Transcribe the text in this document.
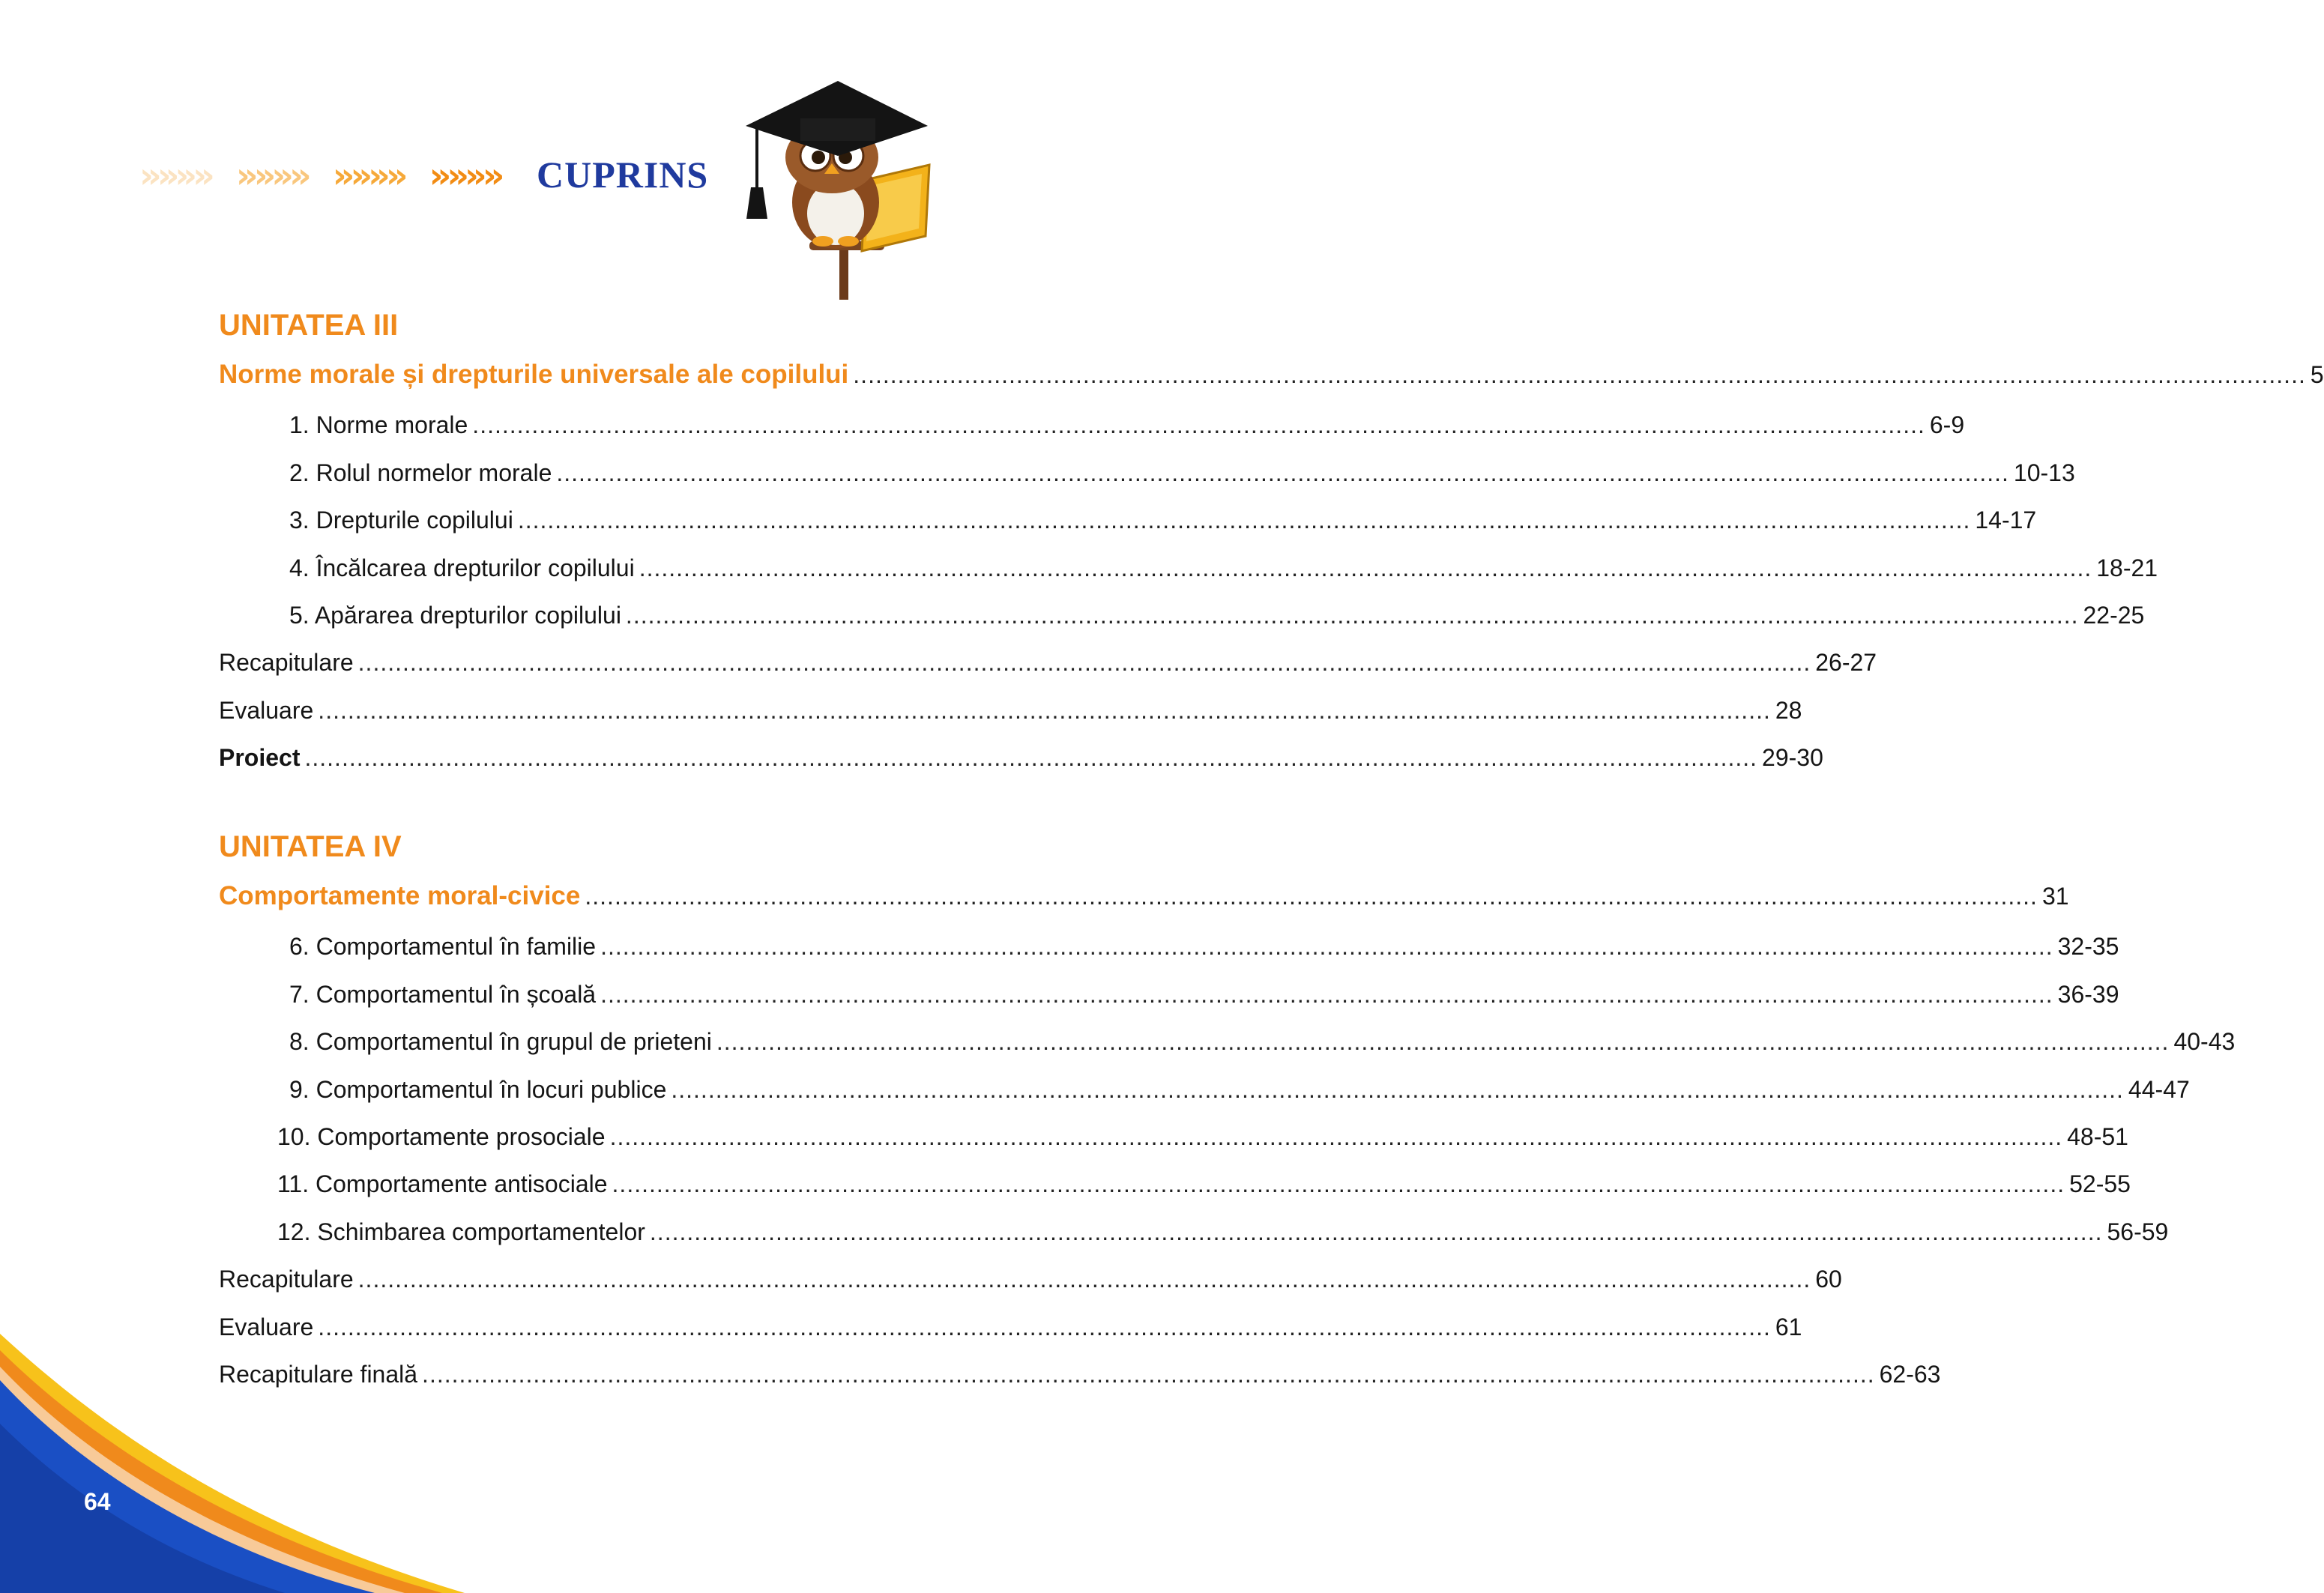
»»»» »»»» »»»» »»»» CUPRINS
UNITATEA III
Norme morale și drepturile universale ale copilului .................................................................................................................................................................................................... 5
1. Norme morale .................................................................................................................................................................................................... 6-9
2. Rolul normelor morale .................................................................................................................................................................................................... 10-13
3. Drepturile copilului .................................................................................................................................................................................................... 14-17
4. Încălcarea drepturilor copilului .................................................................................................................................................................................................... 18-21
5. Apărarea drepturilor copilului .................................................................................................................................................................................................... 22-25
Recapitulare .................................................................................................................................................................................................... 26-27
Evaluare .................................................................................................................................................................................................... 28
Proiect .................................................................................................................................................................................................... 29-30
UNITATEA IV
Comportamente moral-civice .................................................................................................................................................................................................... 31
6. Comportamentul în familie .................................................................................................................................................................................................... 32-35
7. Comportamentul în școală .................................................................................................................................................................................................... 36-39
8. Comportamentul în grupul de prieteni .................................................................................................................................................................................................... 40-43
9. Comportamentul în locuri publice .................................................................................................................................................................................................... 44-47
10. Comportamente prosociale .................................................................................................................................................................................................... 48-51
11. Comportamente antisociale .................................................................................................................................................................................................... 52-55
12. Schimbarea comportamentelor .................................................................................................................................................................................................... 56-59
Recapitulare .................................................................................................................................................................................................... 60
Evaluare .................................................................................................................................................................................................... 61
Recapitulare finală .................................................................................................................................................................................................... 62-63
64
